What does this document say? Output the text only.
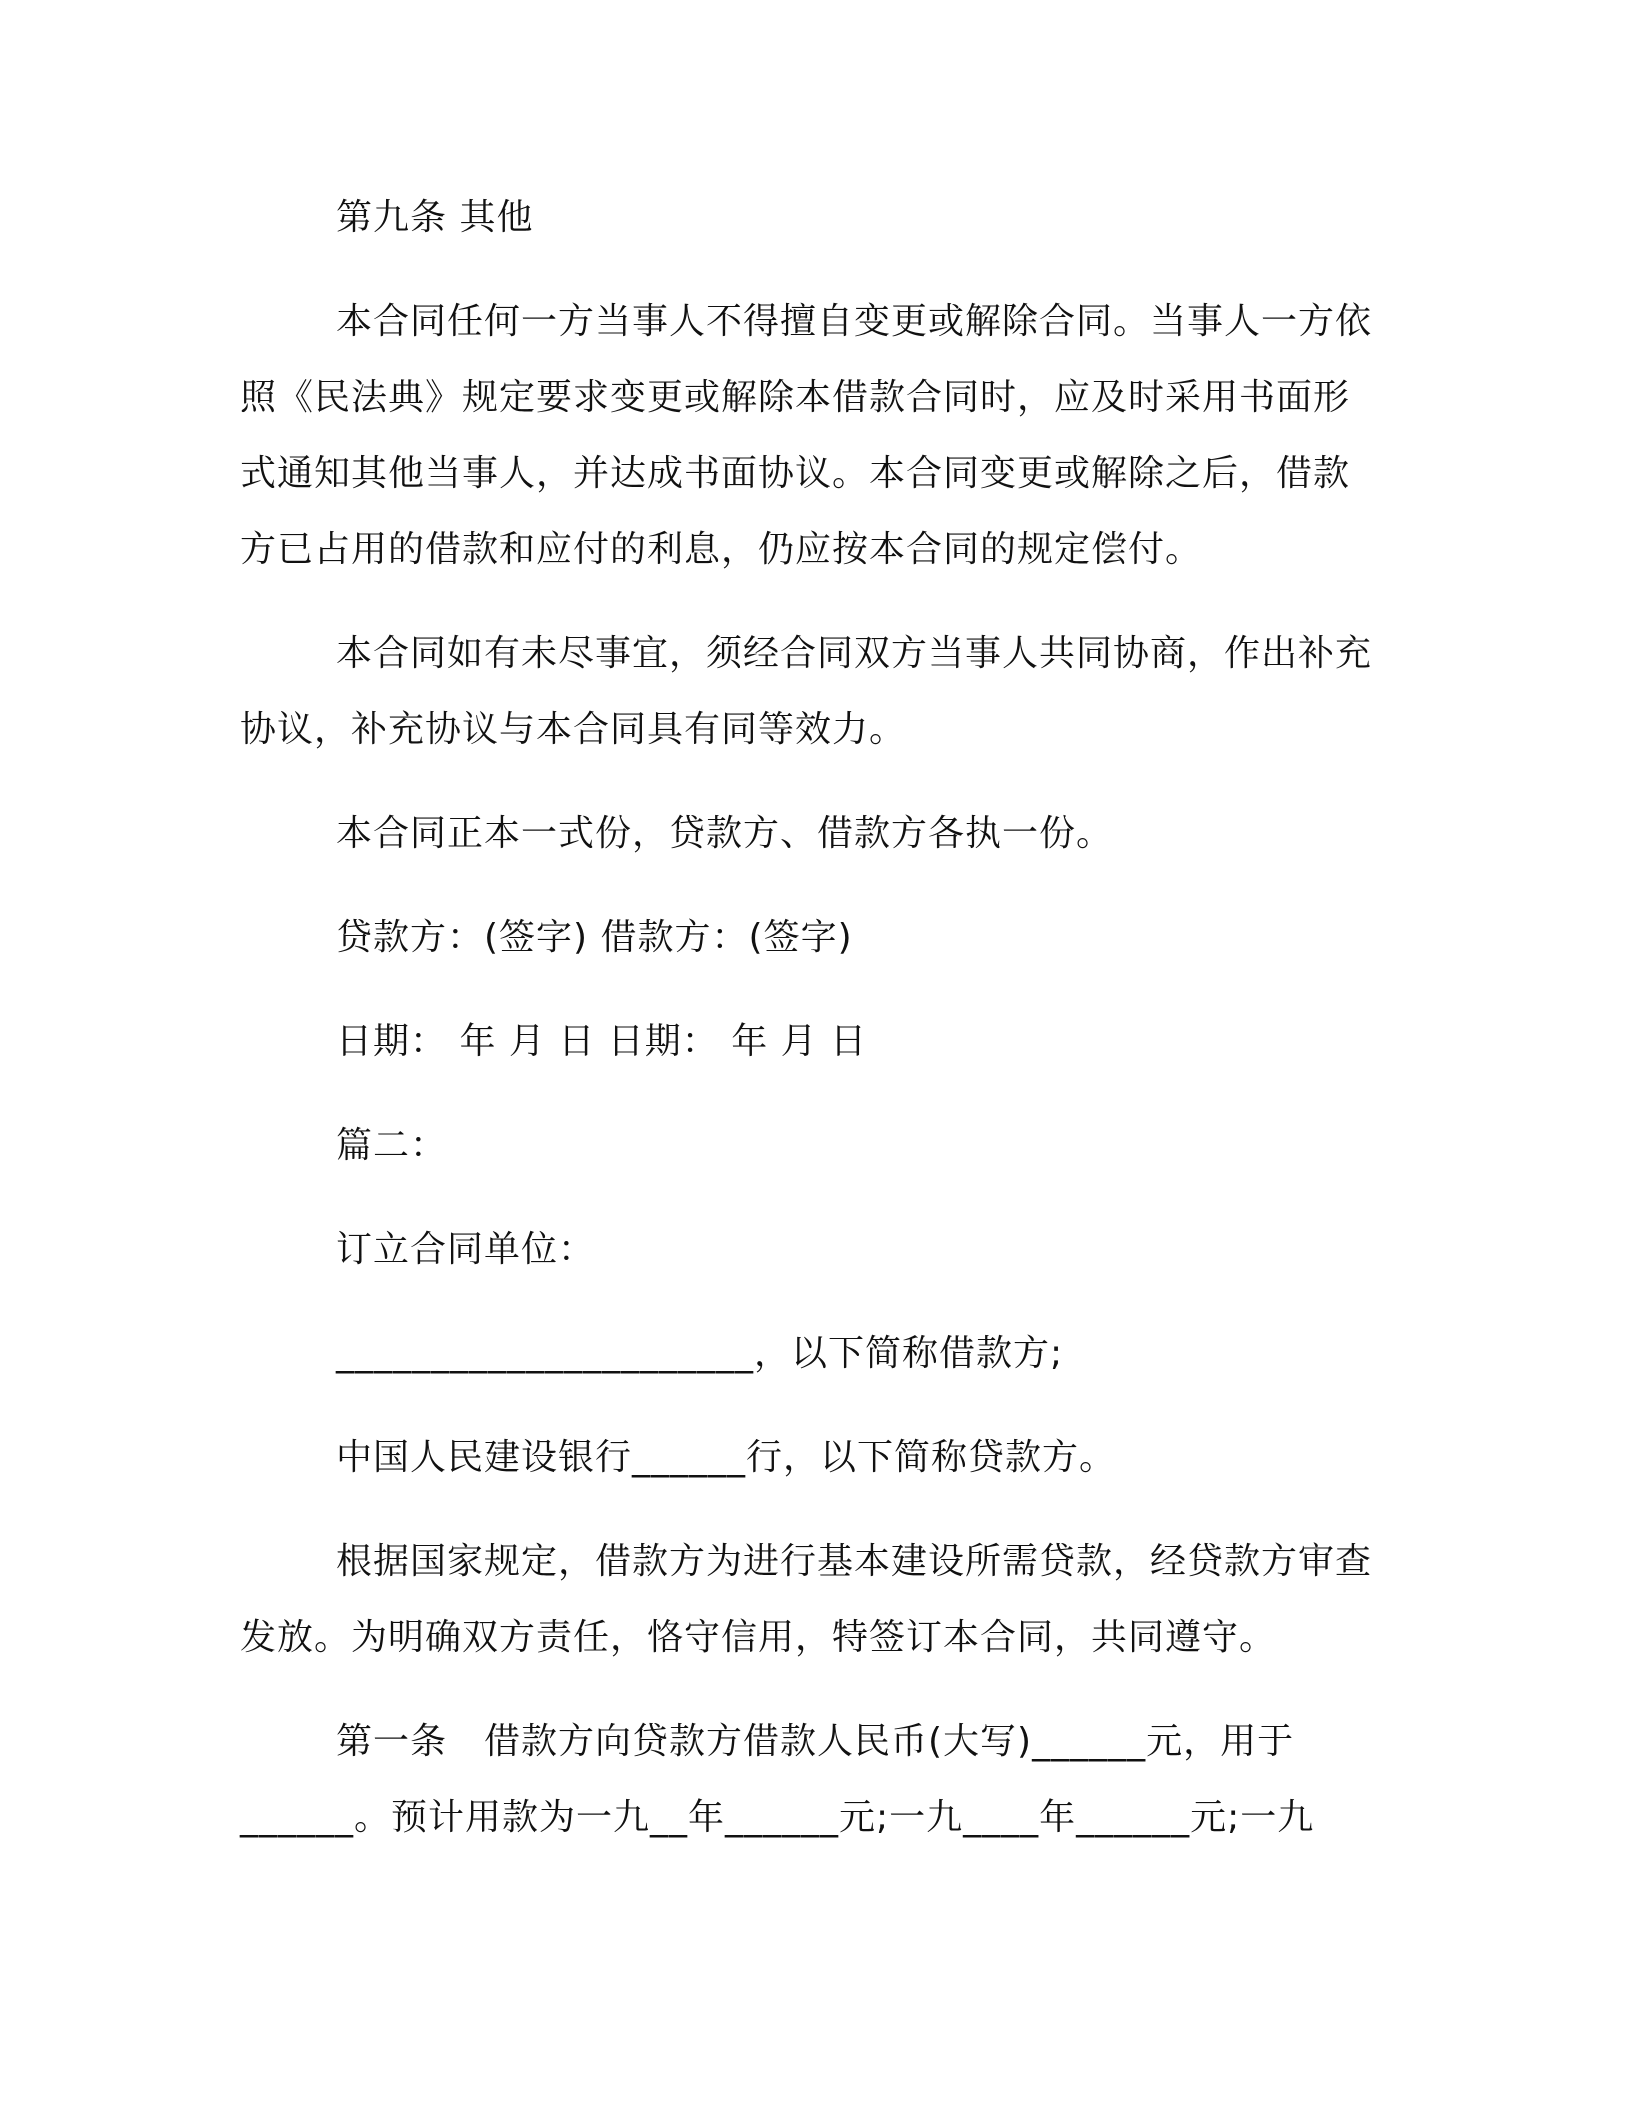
第九条 其他

本合同任何一方当事人不得擅自变更或解除合同。当事人一方依照《民法典》规定要求变更或解除本借款合同时，应及时采用书面形式通知其他当事人，并达成书面协议。本合同变更或解除之后，借款方已占用的借款和应付的利息，仍应按本合同的规定偿付。

本合同如有未尽事宜，须经合同双方当事人共同协商，作出补充协议，补充协议与本合同具有同等效力。

本合同正本一式份，贷款方、借款方各执一份。

贷款方：(签字) 借款方：(签字)

日期： 年 月 日 日期： 年 月 日

篇二：

订立合同单位：

______________________，以下简称借款方;

中国人民建设银行______行，以下简称贷款方。

根据国家规定，借款方为进行基本建设所需贷款，经贷款方审查发放。为明确双方责任，恪守信用，特签订本合同，共同遵守。

第一条　借款方向贷款方借款人民币(大写)______元，用于______。预计用款为一九__年______元;一九____年______元;一九
